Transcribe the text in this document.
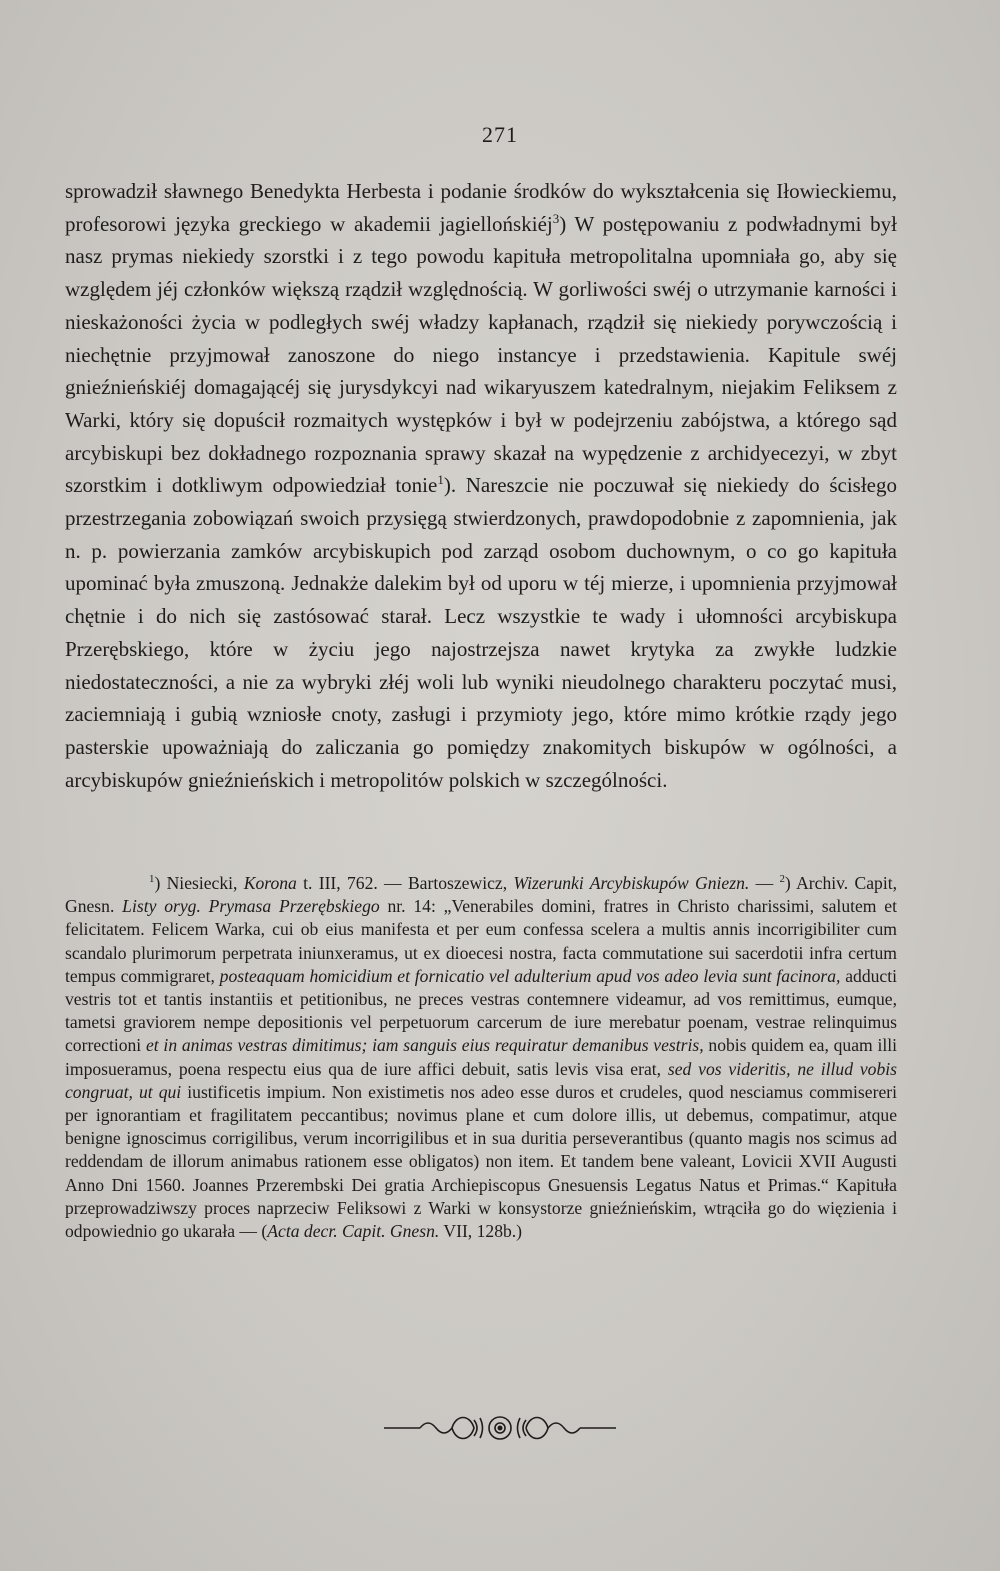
271

sprowadził sławnego Benedykta Herbesta i podanie środków do wykształcenia się Iłowieckiemu, profesorowi języka greckiego w akademii jagiellońskiéj$^3$) W postępowaniu z podwładnymi był nasz prymas niekiedy szorstki i z tego powodu kapituła metropolitalna upomniała go, aby się względem jéj członków większą rządził względnością. W gorliwości swéj o utrzymanie karności i nieskażoności życia w podległych swéj władzy kapłanach, rządził się niekiedy porywczością i niechętnie przyjmował zanoszone do niego instancye i przedstawienia. Kapitule swéj gnieźnieńskiéj domagającéj się jurysdykcyi nad wikaryuszem katedralnym, niejakim Feliksem z Warki, który się dopuścił rozmaitych występków i był w podejrzeniu zabójstwa, a którego sąd arcybiskupi bez dokładnego rozpoznania sprawy skazał na wypędzenie z archidyecezyi, w zbyt szorstkim i dotkliwym odpowiedział tonie$^1$). Nareszcie nie poczuwał się niekiedy do ścisłego przestrzegania zobowiązań swoich przysięgą stwierdzonych, prawdopodobnie z zapomnienia, jak n. p. powierzania zamków arcybiskupich pod zarząd osobom duchownym, o co go kapituła upominać była zmuszoną. Jednakże dalekim był od uporu w téj mierze, i upomnienia przyjmował chętnie i do nich się zastósować starał. Lecz wszystkie te wady i ułomności arcybiskupa Przerębskiego, które w życiu jego najostrzejsza nawet krytyka za zwykłe ludzkie niedostateczności, a nie za wybryki złéj woli lub wyniki nieudolnego charakteru poczytać musi, zaciemniają i gubią wzniosłe cnoty, zasługi i przymioty jego, które mimo krótkie rządy jego pasterskie upoważniają do zaliczania go pomiędzy znakomitych biskupów w ogólności, a arcybiskupów gnieźnieńskich i metropolitów polskich w szczególności.

$^1$) Niesiecki, Korona t. III, 762. — Bartoszewicz, Wizerunki Arcybiskupów Gniezn. — $^2$) Archiv. Capit, Gnesn. Listy oryg. Prymasa Przerębskiego nr. 14: „Venerabiles domini, fratres in Christo charissimi, salutem et felicitatem. Felicem Warka, cui ob eius manifesta et per eum confessa scelera a multis annis incorrigibiliter cum scandalo plurimorum perpetrata iniunxeramus, ut ex dioecesi nostra, facta commutatione sui sacerdotii infra certum tempus commigraret, posteaquam homicidium et fornicatio vel adulterium apud vos adeo levia sunt facinora, adducti vestris tot et tantis instantiis et petitionibus, ne preces vestras contemnere videamur, ad vos remittimus, eumque, tametsi graviorem nempe depositionis vel perpetuorum carcerum de iure merebatur poenam, vestrae relinquimus correctioni et in animas vestras dimitimus; iam sanguis eius requiratur demanibus vestris, nobis quidem ea, quam illi imposueramus, poena respectu eius qua de iure affici debuit, satis levis visa erat, sed vos videritis, ne illud vobis congruat, ut qui iustificetis impium. Non existimetis nos adeo esse duros et crudeles, quod nesciamus commisereri per ignorantiam et fragilitatem peccantibus; novimus plane et cum dolore illis, ut debemus, compatimur, atque benigne ignoscimus corrigilibus, verum incorrigilibus et in sua duritia perseverantibus (quanto magis nos scimus ad reddendam de illorum animabus rationem esse obligatos) non item. Et tandem bene valeant, Lovicii XVII Augusti Anno Dni 1560. Joannes Przerembski Dei gratia Archiepiscopus Gnesuensis Legatus Natus et Primas.“ Kapituła przeprowadziwszy proces naprzeciw Feliksowi z Warki w konsystorze gnieźnieńskim, wtrąciła go do więzienia i odpowiednio go ukarała — (Acta decr. Capit. Gnesn. VII, 128b.)
